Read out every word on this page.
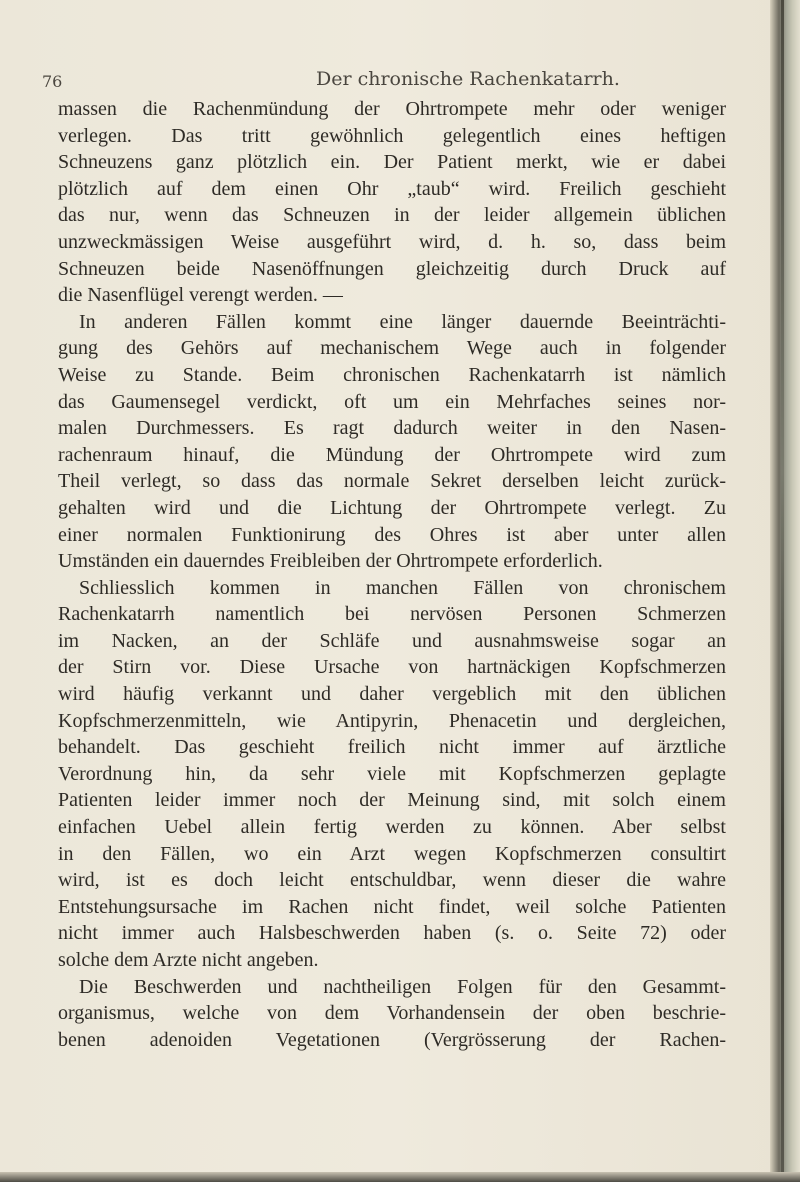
76	Der chronische Rachenkatarrh.
massen die Rachenmündung der Ohrtrompete mehr oder weniger
verlegen. Das tritt gewöhnlich gelegentlich eines heftigen
Schneuzens ganz plötzlich ein. Der Patient merkt, wie er dabei
plötzlich auf dem einen Ohr „taub“ wird. Freilich geschieht
das nur, wenn das Schneuzen in der leider allgemein üblichen
unzweckmässigen Weise ausgeführt wird, d. h. so, dass beim
Schneuzen beide Nasenöffnungen gleichzeitig durch Druck auf
die Nasenflügel verengt werden. —
In anderen Fällen kommt eine länger dauernde Beeinträchti-
gung des Gehörs auf mechanischem Wege auch in folgender
Weise zu Stande. Beim chronischen Rachenkatarrh ist nämlich
das Gaumensegel verdickt, oft um ein Mehrfaches seines nor-
malen Durchmessers. Es ragt dadurch weiter in den Nasen-
rachenraum hinauf, die Mündung der Ohrtrompete wird zum
Theil verlegt, so dass das normale Sekret derselben leicht zurück-
gehalten wird und die Lichtung der Ohrtrompete verlegt. Zu
einer normalen Funktionirung des Ohres ist aber unter allen
Umständen ein dauerndes Freibleiben der Ohrtrompete erforderlich.
Schliesslich kommen in manchen Fällen von chronischem
Rachenkatarrh namentlich bei nervösen Personen Schmerzen
im Nacken, an der Schläfe und ausnahmsweise sogar an
der Stirn vor. Diese Ursache von hartnäckigen Kopfschmerzen
wird häufig verkannt und daher vergeblich mit den üblichen
Kopfschmerzenmitteln, wie Antipyrin, Phenacetin und dergleichen,
behandelt. Das geschieht freilich nicht immer auf ärztliche
Verordnung hin, da sehr viele mit Kopfschmerzen geplagte
Patienten leider immer noch der Meinung sind, mit solch einem
einfachen Uebel allein fertig werden zu können. Aber selbst
in den Fällen, wo ein Arzt wegen Kopfschmerzen consultirt
wird, ist es doch leicht entschuldbar, wenn dieser die wahre
Entstehungsursache im Rachen nicht findet, weil solche Patienten
nicht immer auch Halsbeschwerden haben (s. o. Seite 72) oder
solche dem Arzte nicht angeben.
Die Beschwerden und nachtheiligen Folgen für den Gesammt-
organismus, welche von dem Vorhandensein der oben beschrie-
benen adenoiden Vegetationen (Vergrösserung der Rachen-
